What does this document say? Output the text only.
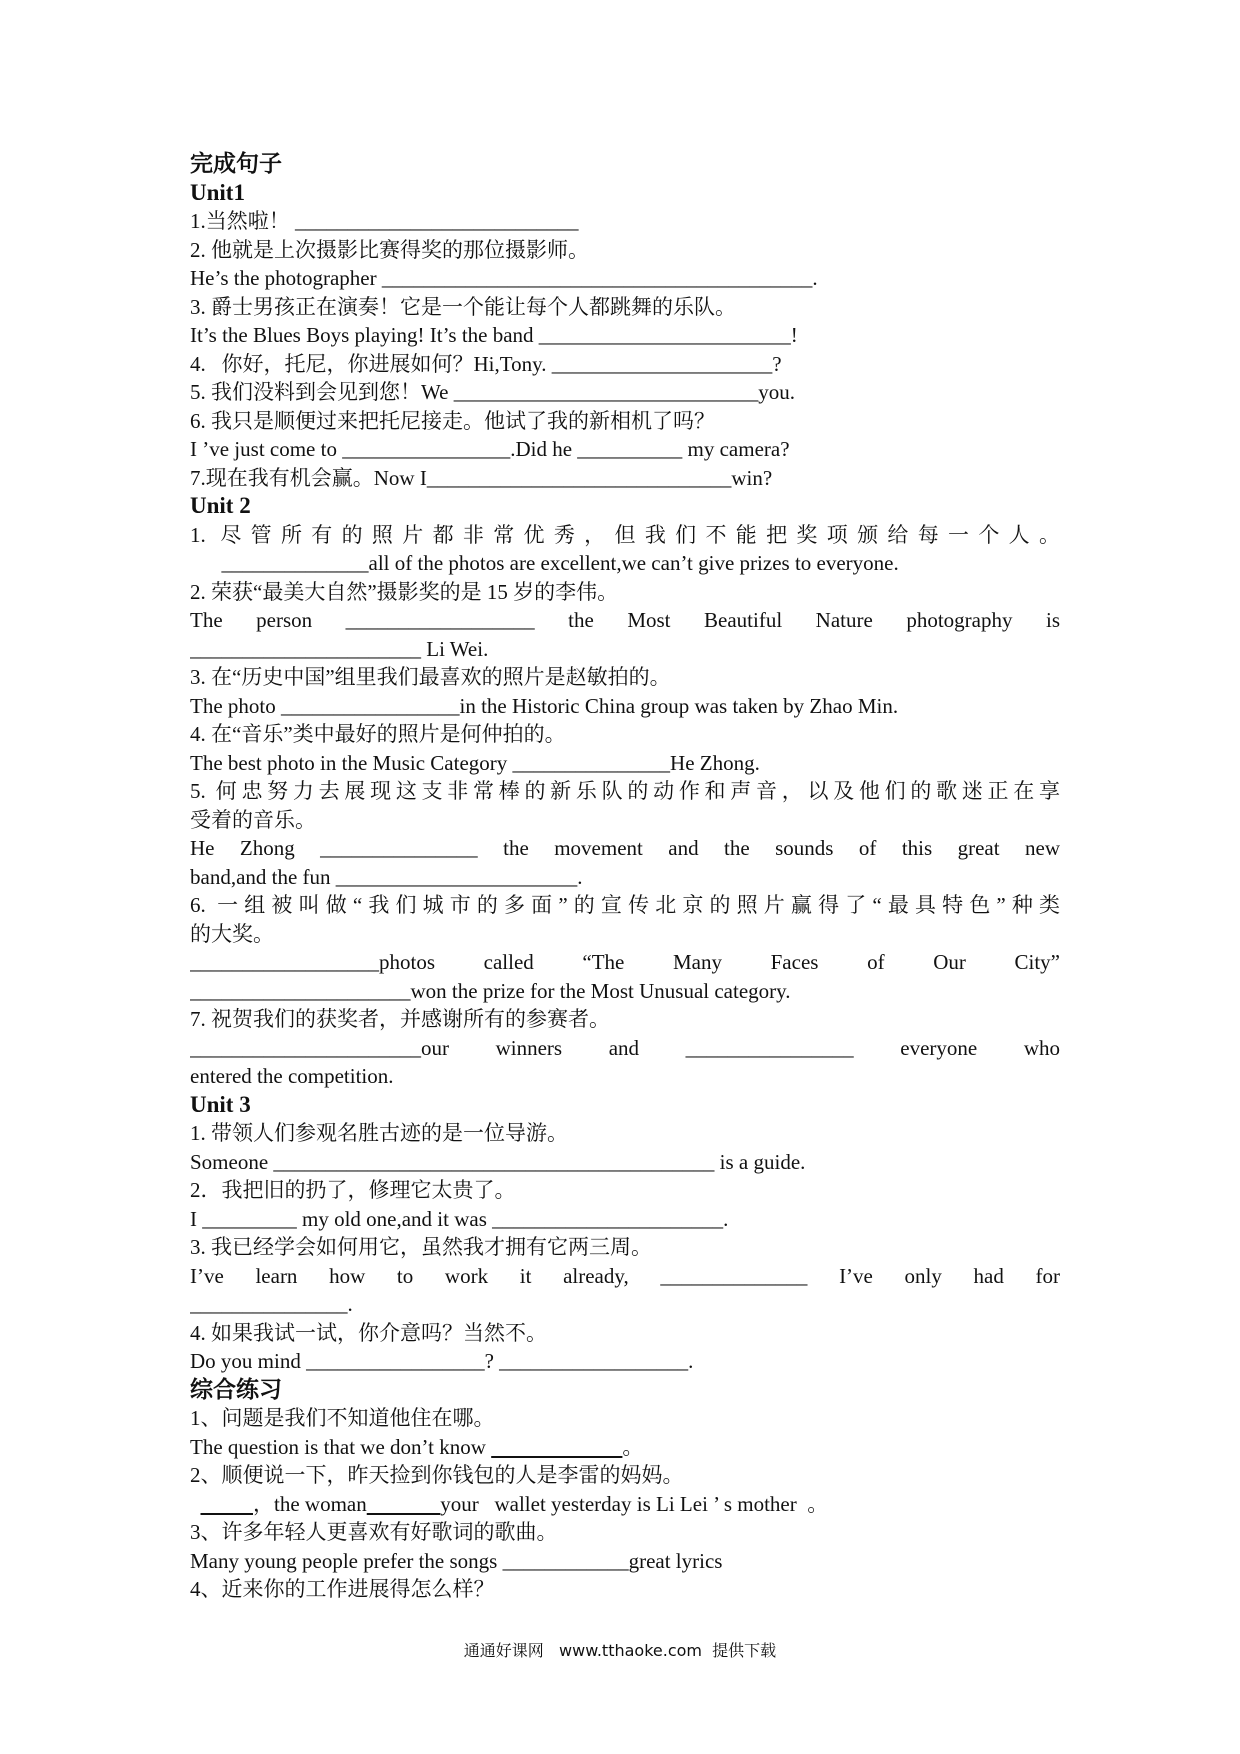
完成句子
Unit1
1.当然啦！ ___________________________
2. 他就是上次摄影比赛得奖的那位摄影师。
He’s the photographer _________________________________________.
3. 爵士男孩正在演奏！它是一个能让每个人都跳舞的乐队。
It’s the Blues Boys playing! It’s the band ________________________!
4.   你好，托尼，你进展如何？Hi,Tony. _____________________?
5. 我们没料到会见到您！We _____________________________you.
6. 我只是顺便过来把托尼接走。他试了我的新相机了吗？
I ’ve just come to ________________.Did he __________ my camera?
7.现在我有机会赢。Now I_____________________________win?
Unit 2
1. 尽管所有的照片都非常优秀，但我们不能把奖项颁给每一个人。
______________all of the photos are excellent,we can’t give prizes to everyone.
2. 荣获“最美大自然”摄影奖的是 15 岁的李伟。
The person __________________ the Most Beautiful Nature photography is
______________________ Li Wei.
3. 在“历史中国”组里我们最喜欢的照片是赵敏拍的。
The photo _________________in the Historic China group was taken by Zhao Min.
4. 在“音乐”类中最好的照片是何仲拍的。
The best photo in the Music Category _______________He Zhong.
5. 何忠努力去展现这支非常棒的新乐队的动作和声音，以及他们的歌迷正在享
受着的音乐。
He Zhong _______________ the movement and the sounds of this great new
band,and the fun _______________________.
6. 一组被叫做“我们城市的多面”的宣传北京的照片赢得了“最具特色”种类
的大奖。
__________________photos called “The Many Faces of Our City”
_____________________won the prize for the Most Unusual category.
7. 祝贺我们的获奖者，并感谢所有的参赛者。
______________________our winners and ________________ everyone who
entered the competition.
Unit 3
1. 带领人们参观名胜古迹的是一位导游。
Someone __________________________________________ is a guide.
2．我把旧的扔了，修理它太贵了。
I _________ my old one,and it was ______________________.
3. 我已经学会如何用它，虽然我才拥有它两三周。
I’ve learn how to work it already, ______________ I’ve only had for
_______________.
4. 如果我试一试，你介意吗？当然不。
Do you mind _________________? __________________.
综合练习
1、问题是我们不知道他住在哪。
The question is that we don’t know	。
2、顺便说一下，昨天捡到你钱包的人是李雷的妈妈。
，the woman	your   wallet yesterday is Li Lei ’ s mother  。
3、许多年轻人更喜欢有好歌词的歌曲。
Many young people prefer the songs ____________great lyrics
4、近来你的工作进展得怎么样？
通通好课网   www.tthaoke.com  提供下载
